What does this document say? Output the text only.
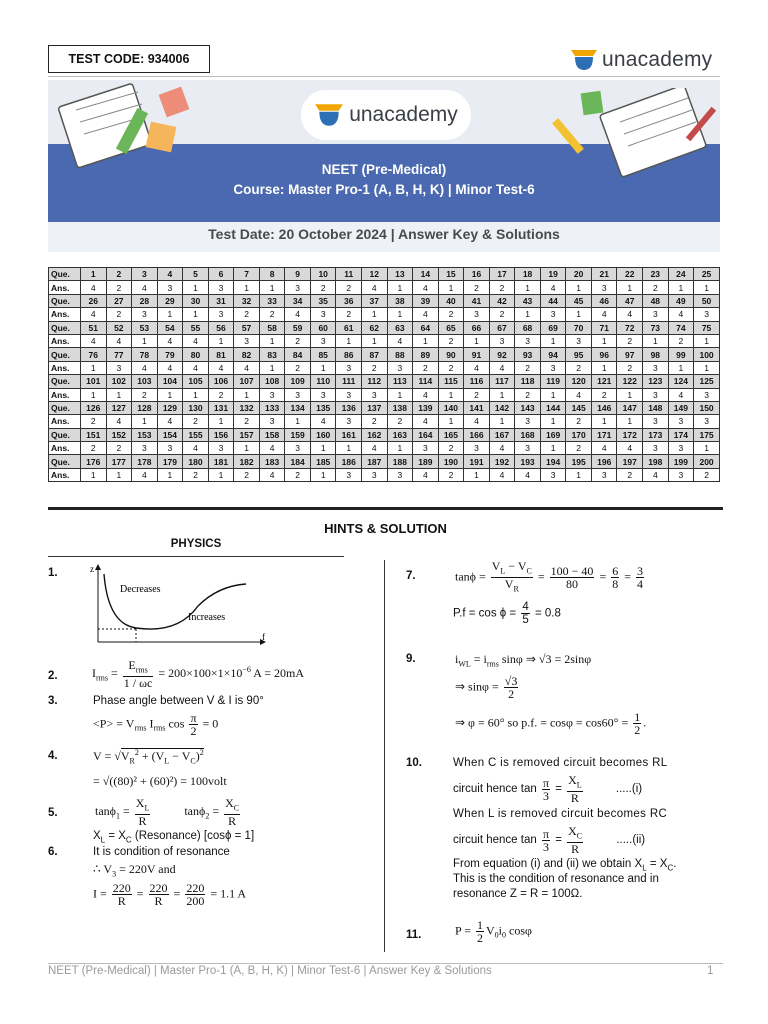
TEST CODE: 934006	unacademy
unacademy
NEET (Pre-Medical)
Course: Master Pro-1 (A, B, H, K) | Minor Test-6
Test Date: 20 October 2024 | Answer Key & Solutions
Que.	1	2	3	4	5	6	7	8	9	10	11	12	13	14	15	16	17	18	19	20	21	22	23	24	25
Ans.	4	2	4	3	1	3	1	1	3	2	2	4	1	4	1	2	2	1	4	1	3	1	2	1	1
Que.	26	27	28	29	30	31	32	33	34	35	36	37	38	39	40	41	42	43	44	45	46	47	48	49	50
Ans.	4	2	3	1	1	3	2	2	4	3	2	1	1	4	2	3	2	1	3	1	4	4	3	4	3
Que.	51	52	53	54	55	56	57	58	59	60	61	62	63	64	65	66	67	68	69	70	71	72	73	74	75
Ans.	4	4	1	4	4	1	3	1	2	3	1	1	4	1	2	1	3	3	1	3	1	2	1	2	1
Que.	76	77	78	79	80	81	82	83	84	85	86	87	88	89	90	91	92	93	94	95	96	97	98	99	100
Ans.	1	3	4	4	4	4	4	1	2	1	3	2	3	2	2	4	4	2	3	2	1	2	3	1	1
Que.	101	102	103	104	105	106	107	108	109	110	111	112	113	114	115	116	117	118	119	120	121	122	123	124	125
Ans.	1	1	2	1	1	2	1	3	3	3	3	3	1	4	1	2	1	2	1	4	2	1	3	4	3
Que.	126	127	128	129	130	131	132	133	134	135	136	137	138	139	140	141	142	143	144	145	146	147	148	149	150
Ans.	2	4	1	4	2	1	2	3	1	4	3	2	2	4	1	4	1	3	1	2	1	1	3	3	3
Que.	151	152	153	154	155	156	157	158	159	160	161	162	163	164	165	166	167	168	169	170	171	172	173	174	175
Ans.	2	2	3	3	4	3	1	4	3	1	1	4	1	3	2	3	4	3	1	2	4	4	3	3	1
Que.	176	177	178	179	180	181	182	183	184	185	186	187	188	189	190	191	192	193	194	195	196	197	198	199	200
Ans.	1	1	4	1	2	1	2	4	2	1	3	3	3	4	2	1	4	4	3	1	3	2	4	3	2
HINTS & SOLUTION
PHYSICS
1.	z
f
Decreases
Increases
2.	$I_{rms} = \frac{E_{rms}}{1 / \omega c} = 200\times 100\times 1\times 10^{-6}$ A = 20mA
3.	Phase angle between V & I is 90°
$<P> = V_{rms}$ $I_{rms}$ $\cos \frac{\pi}{2} = 0$
4.	$V = √V_R^2 + (V_L - V_C)^2$
= √((80)² + (60)²) = 100volt
5.	$\tan\phi_1 = \frac{X_L}{R}$	$\tan\phi_2 = \frac{X_C}{R}$
$X_L = X_C$ (Resonance) [cosϕ = 1]
6.	It is condition of resonance
∴ $V_3 = 220V$ and
$I = \frac{220}{R} = \frac{220}{R} = \frac{220}{200} = 1.1$ A
7.	$\tan\phi = \frac{V_L - V_C}{V_R} = \frac{100 - 40}{80} = \frac{6}{8} = \frac{3}{4}$
$P.f = \cos \phi = \frac{4}{5} = 0.8$
9.	$i_{WL} = i_{rms}$ sinφ ⇒ √3 = 2sinφ
⇒ $\sin\varphi = \frac{√3}{2}$
⇒ φ = 60° so p.f. = $\cos\varphi = \cos 60^\circ = \frac{1}{2}$ .
10.	When C is removed circuit becomes RL
circuit hence $\tan \frac{\pi}{3} = \frac{X_L}{R}$	.....(i)
When L is removed circuit becomes RC
circuit hence $\tan \frac{\pi}{3} = \frac{X_C}{R}$	.....(ii)
From equation (i) and (ii) we obtain $X_L = X_C$.
This is the condition of resonance and in
resonance Z = R = 100Ω.
11.	$P = \frac{1}{2} V_0i_0$ cosφ
NEET (Pre-Medical) | Master Pro-1 (A, B, H, K) | Minor Test-6 | Answer Key & Solutions	1
